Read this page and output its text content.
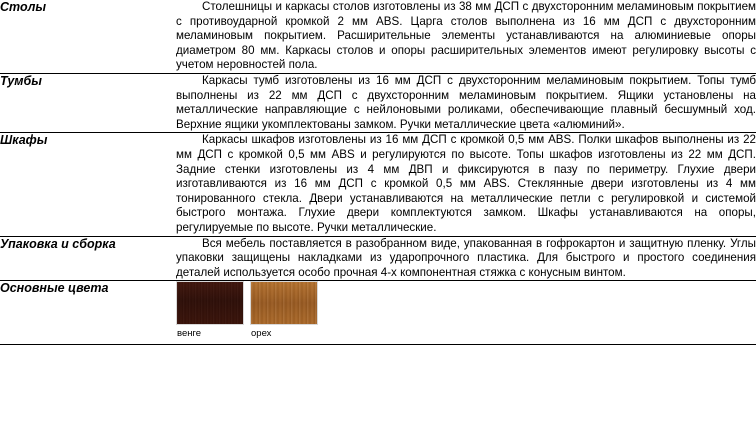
Столы	Столешницы и каркасы столов изготовлены из 38 мм ДСП с двухсторонним меламиновым покрытием с противоударной кромкой 2 мм ABS. Царга столов выполнена из 16 мм ДСП с двухсторонним меламиновым покрытием. Расширительные элементы устанавливаются на алюминиевые опоры диаметром 80 мм. Каркасы столов и опоры расширительных элементов имеют регулировку высоты с учетом неровностей пола.

Тумбы	Каркасы тумб изготовлены из 16 мм ДСП с двухсторонним меламиновым покрытием. Топы тумб выполнены из 22 мм ДСП с двухсторонним меламиновым покрытием. Ящики установлены на металлические направляющие с нейлоновыми роликами, обеспечивающие плавный бесшумный ход. Верхние ящики укомплектованы замком. Ручки металлические цвета «алюминий».

Шкафы	Каркасы шкафов изготовлены из 16 мм ДСП с кромкой 0,5 мм ABS. Полки шкафов выполнены из 22 мм ДСП с кромкой 0,5 мм ABS и регулируются по высоте. Топы шкафов изготовлены из 22 мм ДСП. Задние стенки изготовлены из 4 мм ДВП и фиксируются в пазу по периметру. Глухие двери изготавливаются из 16 мм ДСП с кромкой 0,5 мм ABS. Стеклянные двери изготовлены из 4 мм тонированного стекла. Двери устанавливаются на металлические петли с регулировкой и системой быстрого монтажа. Глухие двери комплектуются замком. Шкафы устанавливаются на опоры, регулируемые по высоте. Ручки металлические.

Упаковка и сборка	Вся мебель поставляется в разобранном виде, упакованная в гофрокартон и защитную пленку. Углы упаковки защищены накладками из ударопрочного пластика. Для быстрого и простого соединения деталей используется особо прочная 4-х компонентная стяжка с конусным винтом.

Основные цвета	венге орех
